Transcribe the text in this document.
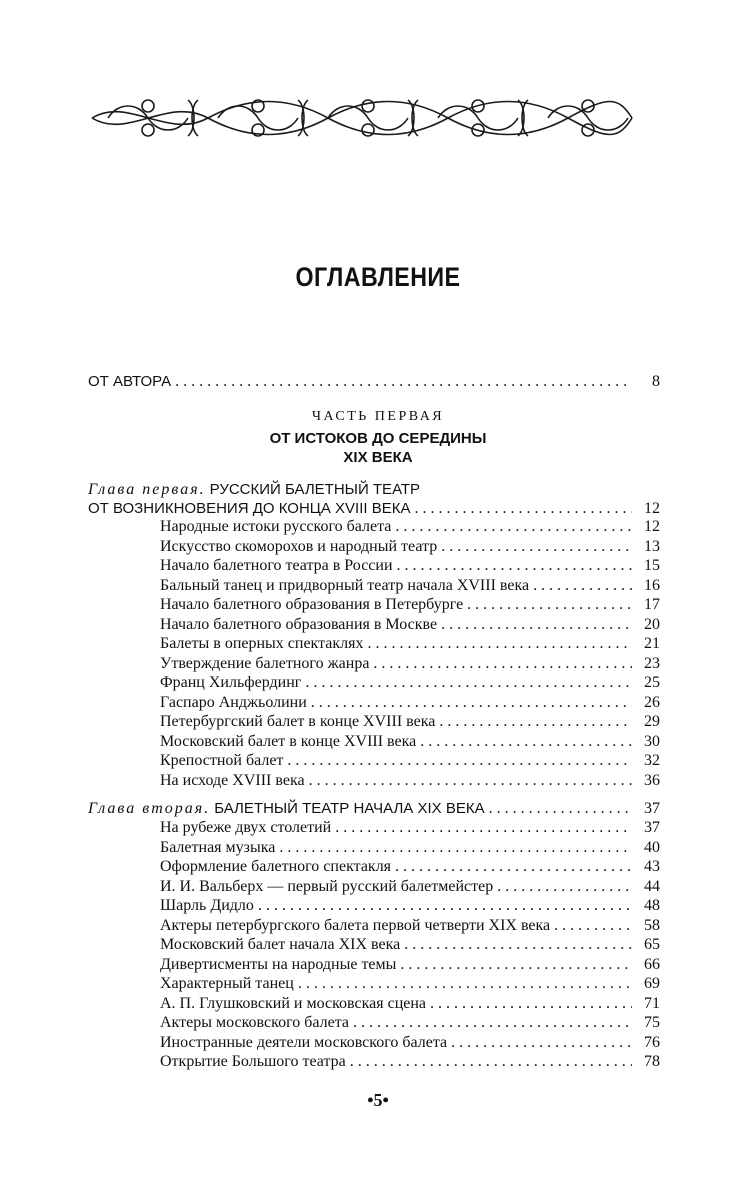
ОГЛАВЛЕНИЕ
ОТ АВТОРА . . .	8
ЧАСТЬ ПЕРВАЯ
ОТ ИСТОКОВ ДО СЕРЕДИНЫ
XIX ВЕКА
Глава первая. РУССКИЙ БАЛЕТНЫЙ ТЕАТР
ОТ ВОЗНИКНОВЕНИЯ ДО КОНЦА XVIII ВЕКА . . .	12
Народные истоки русского балета . . .	12
Искусство скоморохов и народный театр . . .	13
Начало балетного театра в России . . .	15
Бальный танец и придворный театр начала XVIII века . . .	16
Начало балетного образования в Петербурге . . .	17
Начало балетного образования в Москве . . .	20
Балеты в оперных спектаклях . . .	21
Утверждение балетного жанра . . .	23
Франц Хильфердинг . . .	25
Гаспаро Анджьолини . . .	26
Петербургский балет в конце XVIII века . . .	29
Московский балет в конце XVIII века . . .	30
Крепостной балет . . .	32
На исходе XVIII века . . .	36
Глава вторая. БАЛЕТНЫЙ ТЕАТР НАЧАЛА XIX ВЕКА . . .	37
На рубеже двух столетий . . .	37
Балетная музыка . . .	40
Оформление балетного спектакля . . .	43
И. И. Вальберх — первый русский балетмейстер . . .	44
Шарль Дидло . . .	48
Актеры петербургского балета первой четверти XIX века . . .	58
Московский балет начала XIX века . . .	65
Дивертисменты на народные темы . . .	66
Характерный танец . . .	69
А. П. Глушковский и московская сцена . . .	71
Актеры московского балета . . .	75
Иностранные деятели московского балета . . .	76
Открытие Большого театра . . .	78
•5•
